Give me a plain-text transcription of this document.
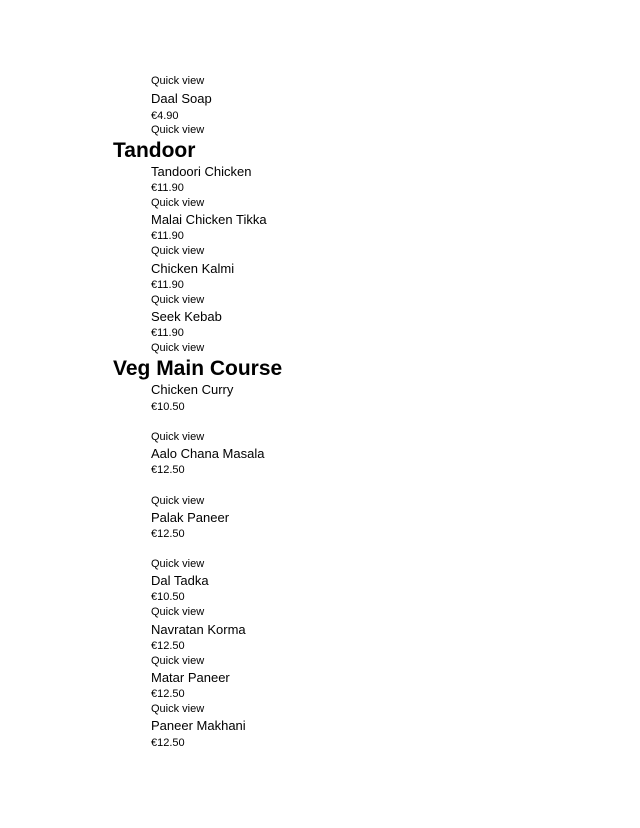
Quick view
Daal Soap
€4.90
Quick view
Tandoor
Tandoori Chicken
€11.90
Quick view
Malai Chicken Tikka
€11.90
Quick view
Chicken Kalmi
€11.90
Quick view
Seek Kebab
€11.90
Quick view
Veg Main Course
Chicken Curry
€10.50
Quick view
Aalo Chana Masala
€12.50
Quick view
Palak Paneer
€12.50
Quick view
Dal Tadka
€10.50
Quick view
Navratan Korma
€12.50
Quick view
Matar Paneer
€12.50
Quick view
Paneer Makhani
€12.50
